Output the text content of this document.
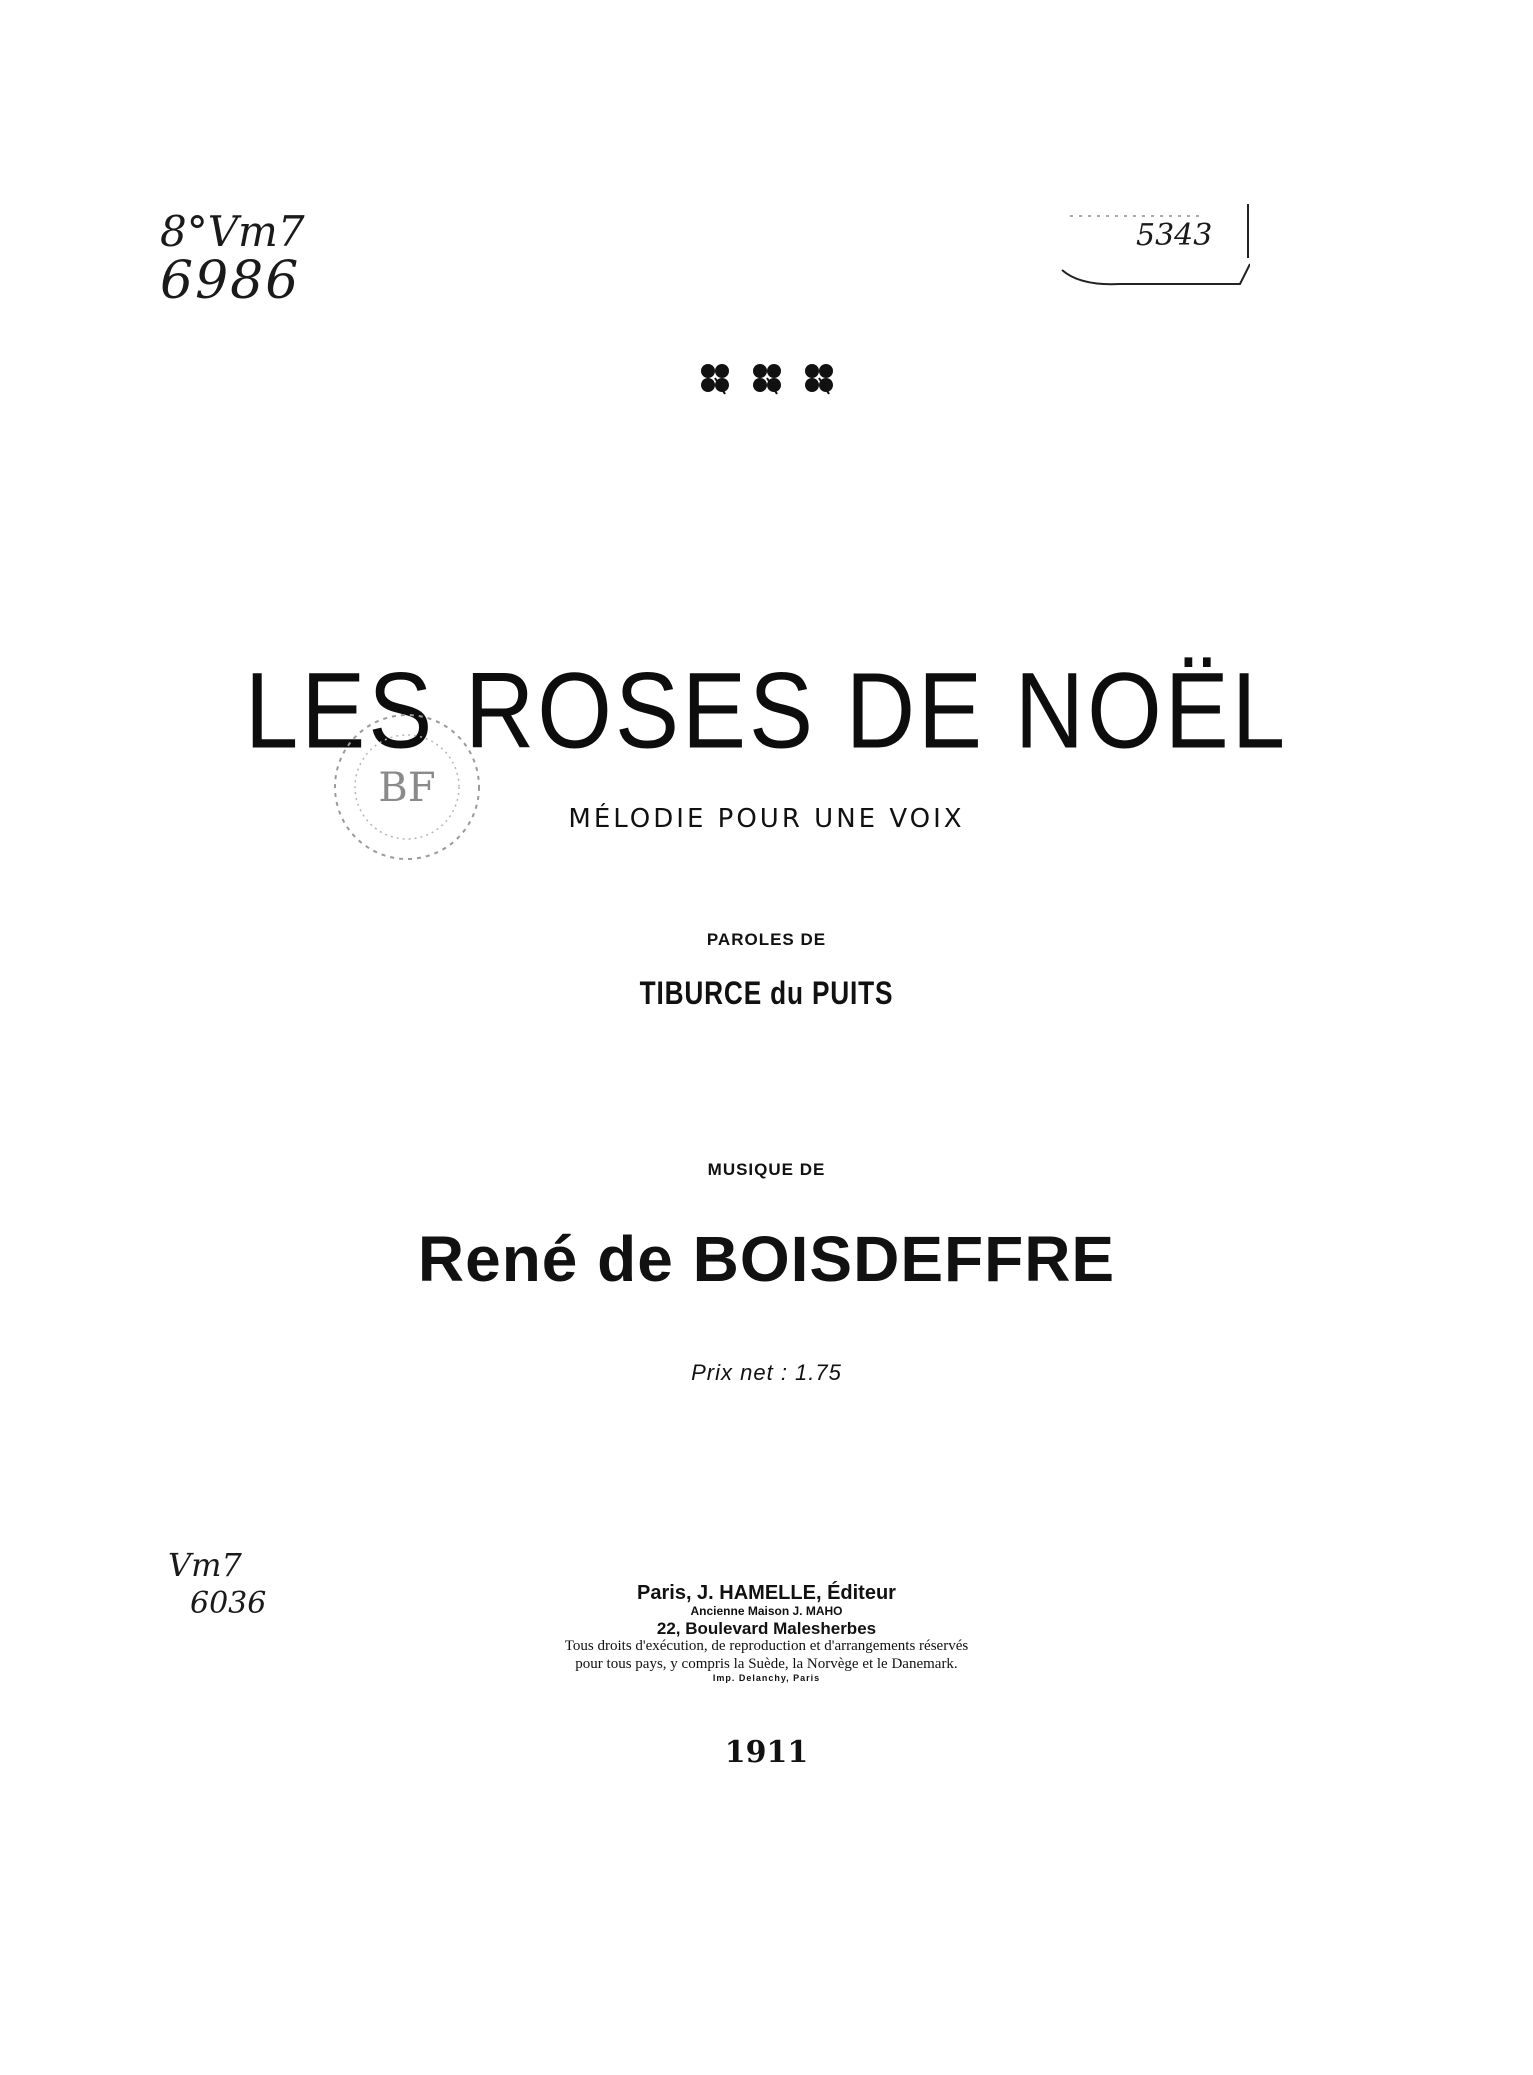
8°Vm7
6986
5343
LES ROSES DE NOËL
BF
MÉLODIE POUR UNE VOIX
PAROLES DE
TIBURCE du PUITS
MUSIQUE DE
René de BOISDEFFRE
Prix net : 1.75
Vm7
6036	Paris, J. HAMELLE, Éditeur
Ancienne Maison J. MAHO
22, Boulevard Malesherbes
Tous droits d'exécution, de reproduction et d'arrangements réservés
pour tous pays, y compris la Suède, la Norvège et le Danemark.
Imp. Delanchy, Paris
1911
